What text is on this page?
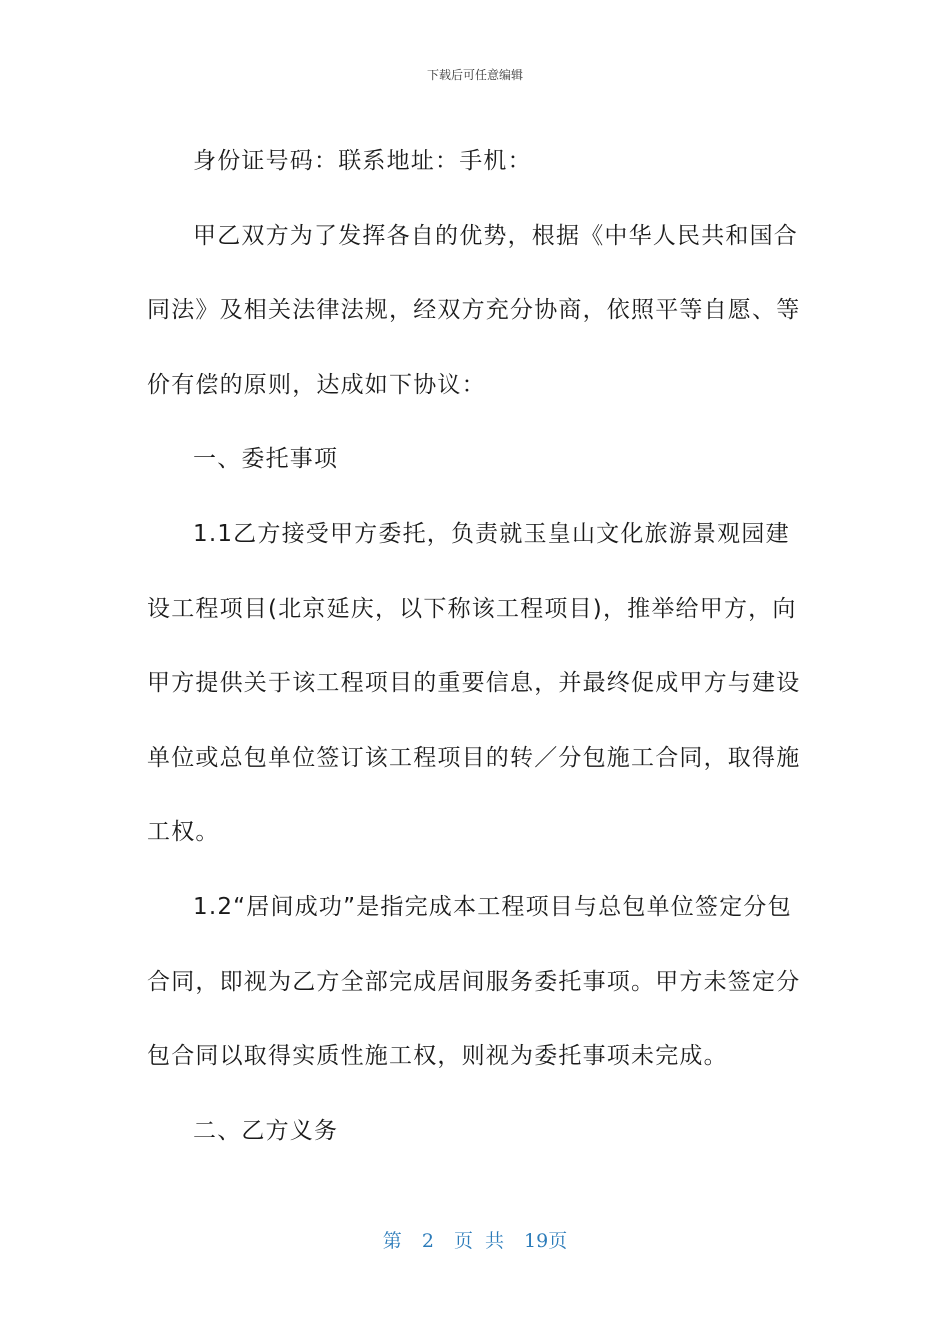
下载后可任意编辑

身份证号码：联系地址：手机：

甲乙双方为了发挥各自的优势，根据《中华人民共和国合同法》及相关法律法规，经双方充分协商，依照平等自愿、等价有偿的原则，达成如下协议：

一、委托事项

1.1乙方接受甲方委托，负责就玉皇山文化旅游景观园建设工程项目(北京延庆，以下称该工程项目)，推举给甲方，向甲方提供关于该工程项目的重要信息，并最终促成甲方与建设单位或总包单位签订该工程项目的转／分包施工合同，取得施工权。

1.2“居间成功”是指完成本工程项目与总包单位签定分包合同，即视为乙方全部完成居间服务委托事项。甲方未签定分包合同以取得实质性施工权，则视为委托事项未完成。

二、乙方义务

第 2 页 共 19页
